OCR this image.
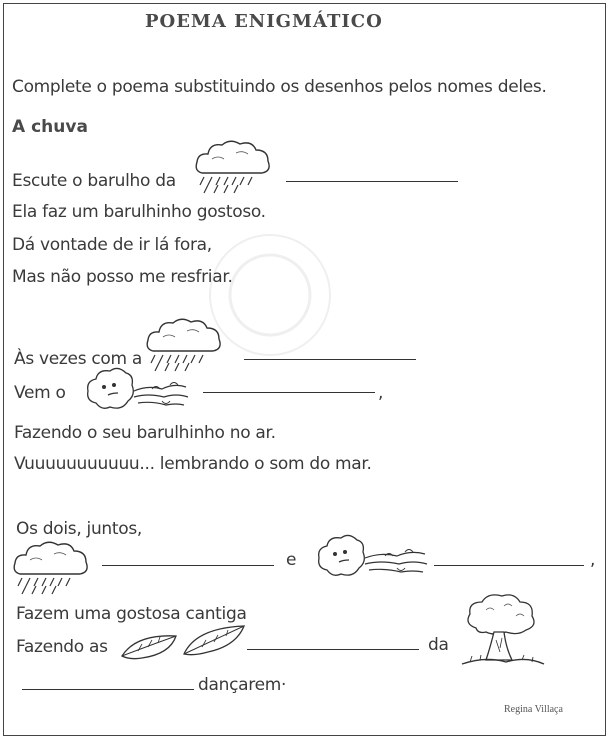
POEMA ENIGMÁTICO
Complete o poema substituindo os desenhos pelos nomes deles.
A chuva
Escute o barulho da
Ela faz um barulhinho gostoso.
Dá vontade de ir lá fora,
Mas não posso me resfriar.
Às vezes com a
Vem o	,
Fazendo o seu barulhinho no ar.
Vuuuuuuuuuuu... lembrando o som do mar.
Os dois, juntos,
e	,
Fazem uma gostosa cantiga
Fazendo as	da
dançarem·
Regina Villaça
